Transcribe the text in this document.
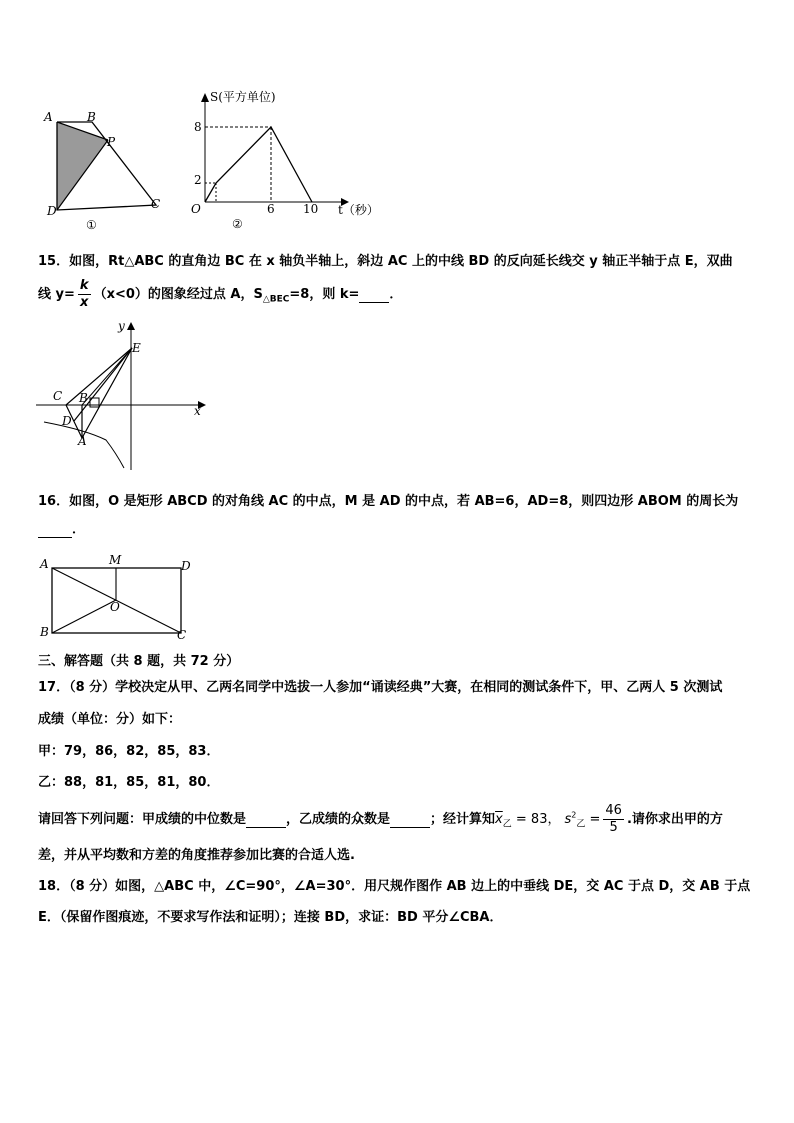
A	B
P
C
D
①
S(平方单位)
8
2
O	6 10 t（秒）
②
15．如图，Rt△ABC 的直角边 BC 在 x 轴负半轴上，斜边 AC 上的中线 BD 的反向延长线交 y 轴正半轴于点 E，双曲
线 $y= \frac{k}{x} (x<0)$的图象经过点 A，$S_{\triangle BEC}=8$，则 k= ．
y
E
C B
x
D
A
16．如图，O 是矩形 ABCD 的对角线 AC 的中点，M 是 AD 的中点，若 AB=6，AD=8，则四边形 ABOM 的周长为
．
A	M	D
O
B	C
三、解答题（共 8 题，共 72 分）
17．（8 分）学校决定从甲、乙两名同学中选拔一人参加“诵读经典”大赛，在相同的测试条件下，甲、乙两人 5 次测试
成绩（单位：分）如下：
甲：79，86，82，85，83．
乙：88，81，85，81，80．
请回答下列问题：甲成绩的中位数是	，乙成绩的众数是	；经计算知$\overline{x}_乙 = 83$， $s^2_乙 = \frac{46}{5}$ .请你求出甲的方
差，并从平均数和方差的角度推荐参加比赛的合适人选.
18．（8 分）如图，△ABC 中，∠C=90°，∠A=30°．用尺规作图作 AB 边上的中垂线 DE，交 AC 于点 D，交 AB 于点
E．（保留作图痕迹，不要求写作法和证明）；连接 BD，求证：BD 平分∠CBA．
